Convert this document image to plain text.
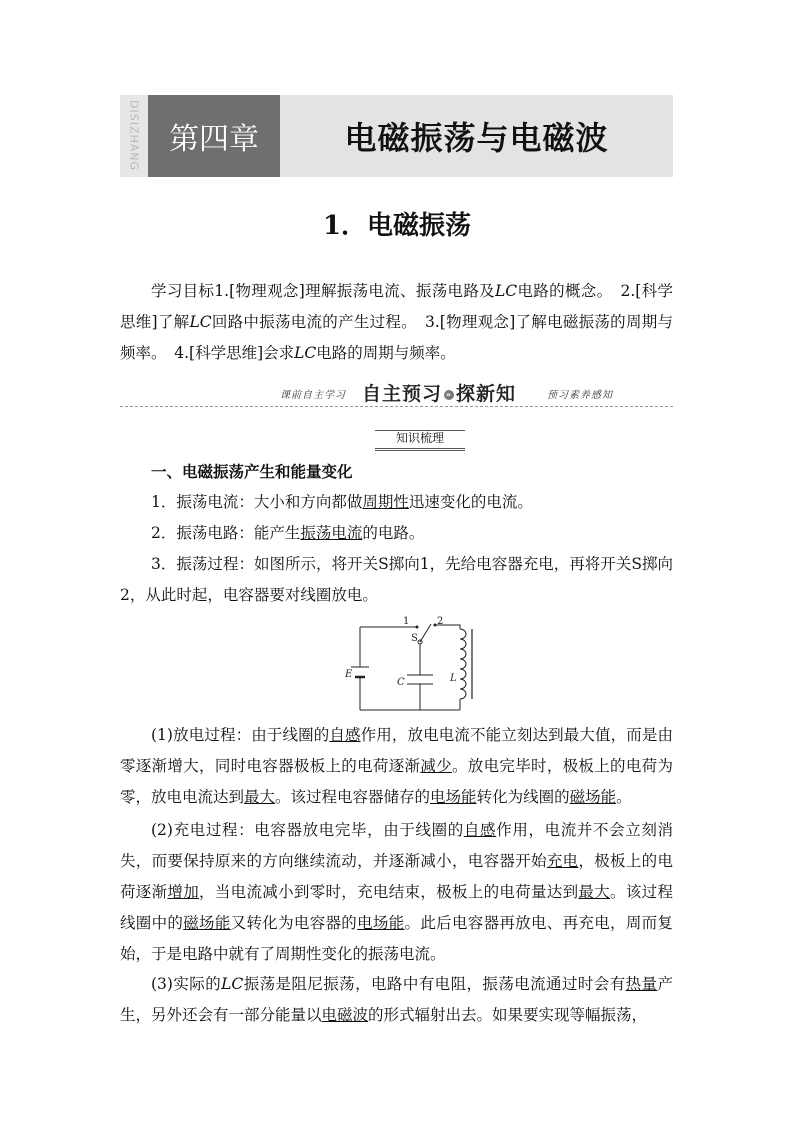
DISIZHANG 第四章	电磁振荡与电磁波
1．电磁振荡
学习目标1.[物理观念]理解振荡电流、振荡电路及LC电路的概念。　2.[科学思维]了解LC回路中振荡电流的产生过程。　3.[物理观念]了解电磁振荡的周期与频率。　4.[科学思维]会求LC电路的周期与频率。
课前自主学习 自主预习 » 探新知	预习素养感知
知识梳理
一、电磁振荡产生和能量变化
1．振荡电流：大小和方向都做周期性迅速变化的电流。
2．振荡电路：能产生振荡电流的电路。
3．振荡过程：如图所示，将开关S掷向1，先给电容器充电，再将开关S掷向2，从此时起，电容器要对线圈放电。
1	2
S
E
C	L
(1)放电过程：由于线圈的自感作用，放电电流不能立刻达到最大值，而是由零逐渐增大，同时电容器极板上的电荷逐渐减少。放电完毕时，极板上的电荷为零，放电电流达到最大。该过程电容器储存的电场能转化为线圈的磁场能。
(2)充电过程：电容器放电完毕，由于线圈的自感作用，电流并不会立刻消失，而要保持原来的方向继续流动，并逐渐减小，电容器开始充电，极板上的电荷逐渐增加，当电流减小到零时，充电结束，极板上的电荷量达到最大。该过程线圈中的磁场能又转化为电容器的电场能。此后电容器再放电、再充电，周而复始，于是电路中就有了周期性变化的振荡电流。
(3)实际的LC振荡是阻尼振荡，电路中有电阻，振荡电流通过时会有热量产生，另外还会有一部分能量以电磁波的形式辐射出去。如果要实现等幅振荡，
